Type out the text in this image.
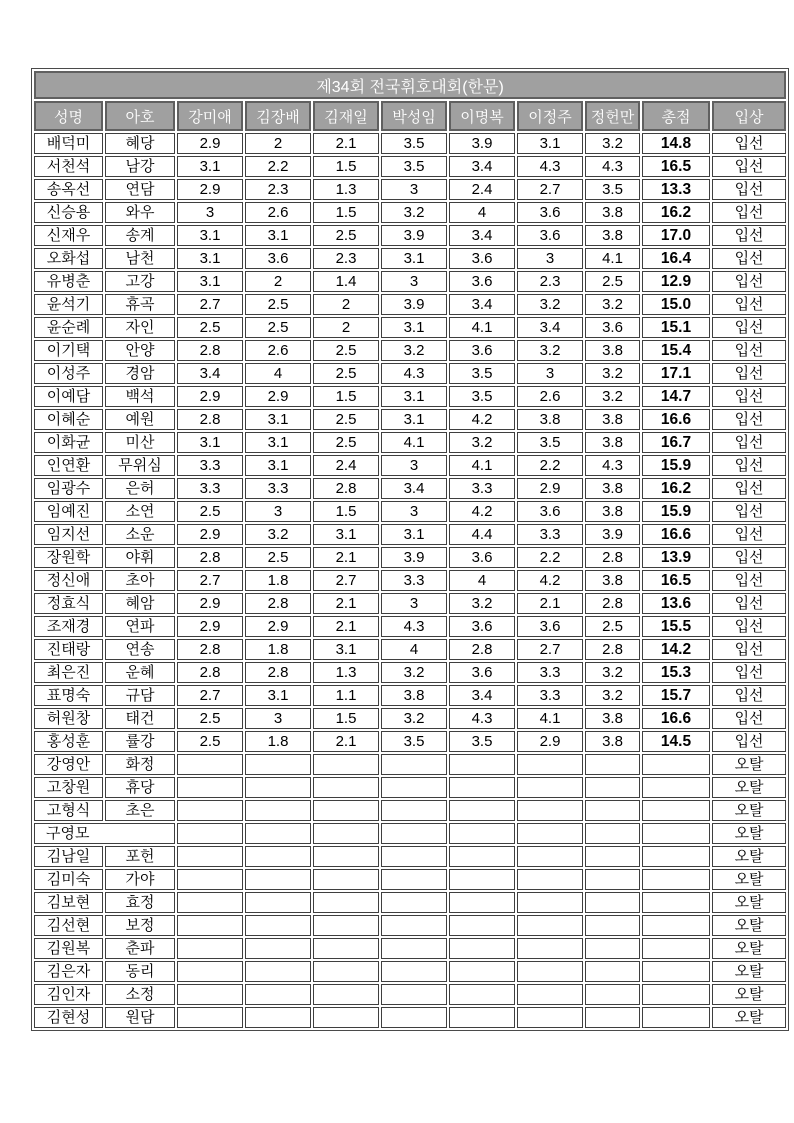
제34회 전국휘호대회(한문)										
성명	아호	강미애	김장배	김재일	박성임	이명복	이정주	정헌만	총점	입상
배덕미	혜당	2.9	2	2.1	3.5	3.9	3.1	3.2	14.8	입선
서천석	남강	3.1	2.2	1.5	3.5	3.4	4.3	4.3	16.5	입선
송옥선	연담	2.9	2.3	1.3	3	2.4	2.7	3.5	13.3	입선
신승용	와우	3	2.6	1.5	3.2	4	3.6	3.8	16.2	입선
신재우	송계	3.1	3.1	2.5	3.9	3.4	3.6	3.8	17.0	입선
오화섭	남천	3.1	3.6	2.3	3.1	3.6	3	4.1	16.4	입선
유병춘	고강	3.1	2	1.4	3	3.6	2.3	2.5	12.9	입선
윤석기	휴곡	2.7	2.5	2	3.9	3.4	3.2	3.2	15.0	입선
윤순례	자인	2.5	2.5	2	3.1	4.1	3.4	3.6	15.1	입선
이기택	안양	2.8	2.6	2.5	3.2	3.6	3.2	3.8	15.4	입선
이성주	경암	3.4	4	2.5	4.3	3.5	3	3.2	17.1	입선
이예담	백석	2.9	2.9	1.5	3.1	3.5	2.6	3.2	14.7	입선
이혜순	예원	2.8	3.1	2.5	3.1	4.2	3.8	3.8	16.6	입선
이화균	미산	3.1	3.1	2.5	4.1	3.2	3.5	3.8	16.7	입선
인연환	무위심	3.3	3.1	2.4	3	4.1	2.2	4.3	15.9	입선
임광수	은허	3.3	3.3	2.8	3.4	3.3	2.9	3.8	16.2	입선
임예진	소연	2.5	3	1.5	3	4.2	3.6	3.8	15.9	입선
임지선	소운	2.9	3.2	3.1	3.1	4.4	3.3	3.9	16.6	입선
장원학	야휘	2.8	2.5	2.1	3.9	3.6	2.2	2.8	13.9	입선
정신애	초아	2.7	1.8	2.7	3.3	4	4.2	3.8	16.5	입선
정효식	혜암	2.9	2.8	2.1	3	3.2	2.1	2.8	13.6	입선
조재경	연파	2.9	2.9	2.1	4.3	3.6	3.6	2.5	15.5	입선
진태랑	연송	2.8	1.8	3.1	4	2.8	2.7	2.8	14.2	입선
최은진	운혜	2.8	2.8	1.3	3.2	3.6	3.3	3.2	15.3	입선
표명숙	규담	2.7	3.1	1.1	3.8	3.4	3.3	3.2	15.7	입선
허원창	태건	2.5	3	1.5	3.2	4.3	4.1	3.8	16.6	입선
홍성훈	률강	2.5	1.8	2.1	3.5	3.5	2.9	3.8	14.5	입선
강영안	화정									오탈
고창원	휴당									오탈
고형식	초은									오탈
구영모										오탈
김남일	포헌									오탈
김미숙	가야									오탈
김보현	효정									오탈
김선현	보정									오탈
김원복	춘파									오탈
김은자	동리									오탈
김인자	소정									오탈
김현성	원담									오탈
